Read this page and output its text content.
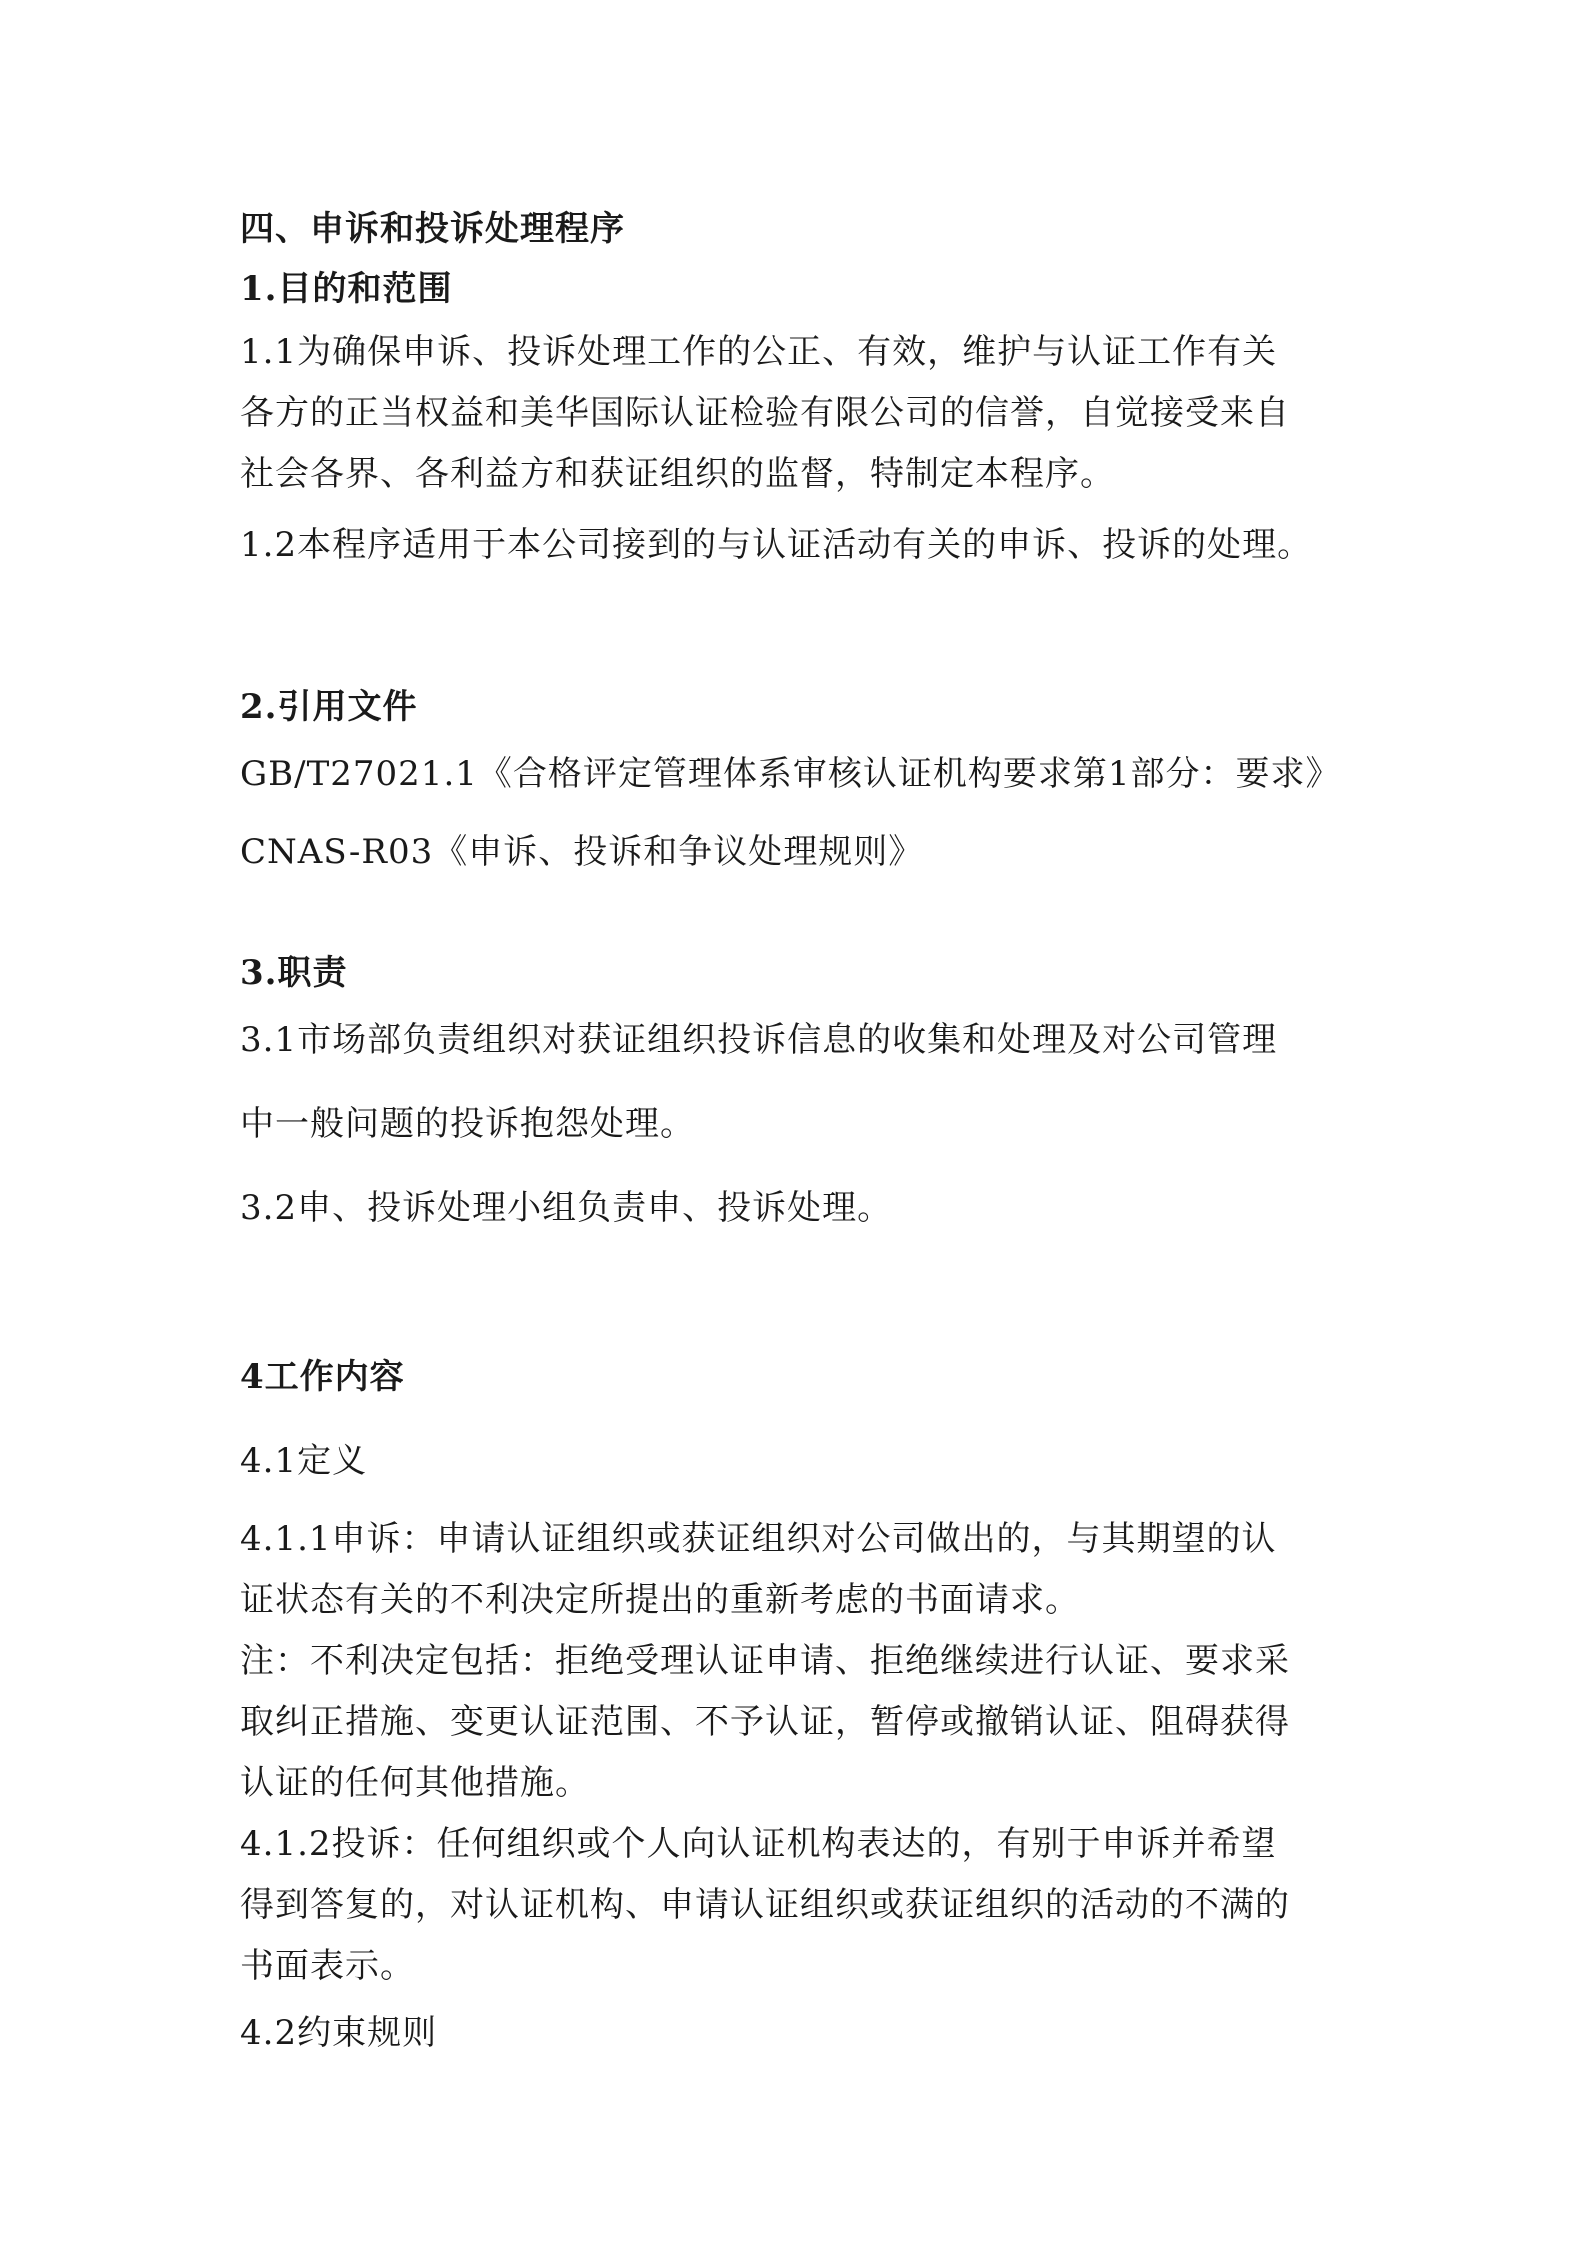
四、申诉和投诉处理程序
1.目的和范围
1.1为确保申诉、投诉处理工作的公正、有效，维护与认证工作有关
各方的正当权益和美华国际认证检验有限公司的信誉，自觉接受来自
社会各界、各利益方和获证组织的监督，特制定本程序。
1.2本程序适用于本公司接到的与认证活动有关的申诉、投诉的处理。
2.引用文件
GB/T27021.1《合格评定管理体系审核认证机构要求第1部分：要求》
CNAS-R03《申诉、投诉和争议处理规则》
3.职责
3.1市场部负责组织对获证组织投诉信息的收集和处理及对公司管理
中一般问题的投诉抱怨处理。
3.2申、投诉处理小组负责申、投诉处理。
4工作内容
4.1定义
4.1.1申诉：申请认证组织或获证组织对公司做出的，与其期望的认
证状态有关的不利决定所提出的重新考虑的书面请求。
注：不利决定包括：拒绝受理认证申请、拒绝继续进行认证、要求采
取纠正措施、变更认证范围、不予认证，暂停或撤销认证、阻碍获得
认证的任何其他措施。
4.1.2投诉：任何组织或个人向认证机构表达的，有别于申诉并希望
得到答复的，对认证机构、申请认证组织或获证组织的活动的不满的
书面表示。
4.2约束规则
